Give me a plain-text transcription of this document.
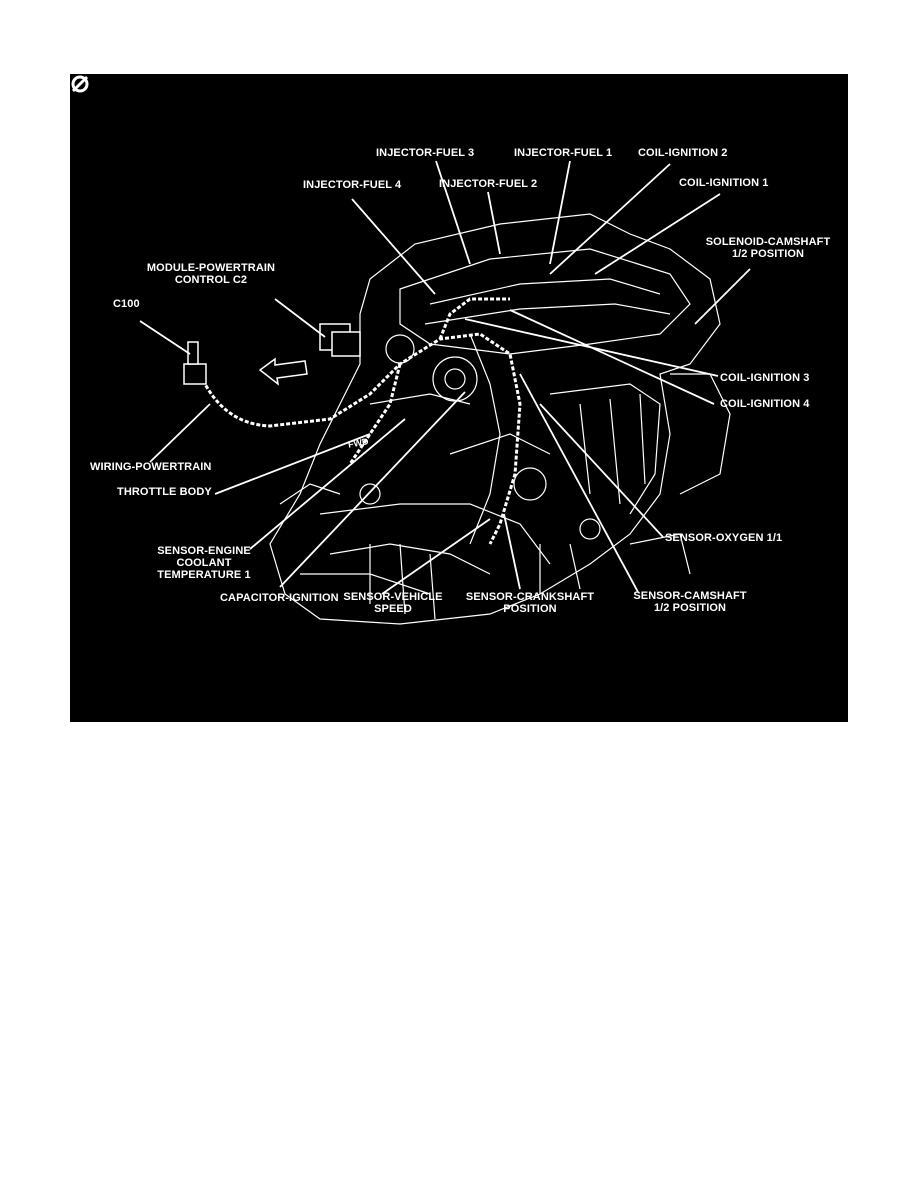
INJECTOR-FUEL 3	INJECTOR-FUEL 1 COIL-IGNITION 2
INJECTOR-FUEL 4	INJECTOR-FUEL 2	COIL-IGNITION 1
MODULE-POWERTRAIN
CONTROL C2
SOLENOID-CAMSHAFT
1/2 POSITION
C100
COIL-IGNITION 3
COIL-IGNITION 4
WIRING-POWERTRAIN
THROTTLE BODY
SENSOR-OXYGEN 1/1
SENSOR-ENGINE
COOLANT
TEMPERATURE 1
CAPACITOR-IGNITION SENSOR-VEHICLE
SPEED
SENSOR-CRANKSHAFT
POSITION
SENSOR-CAMSHAFT
1/2 POSITION
FWD
817cca8
ENGINE-LEFT REAR (GAS)
